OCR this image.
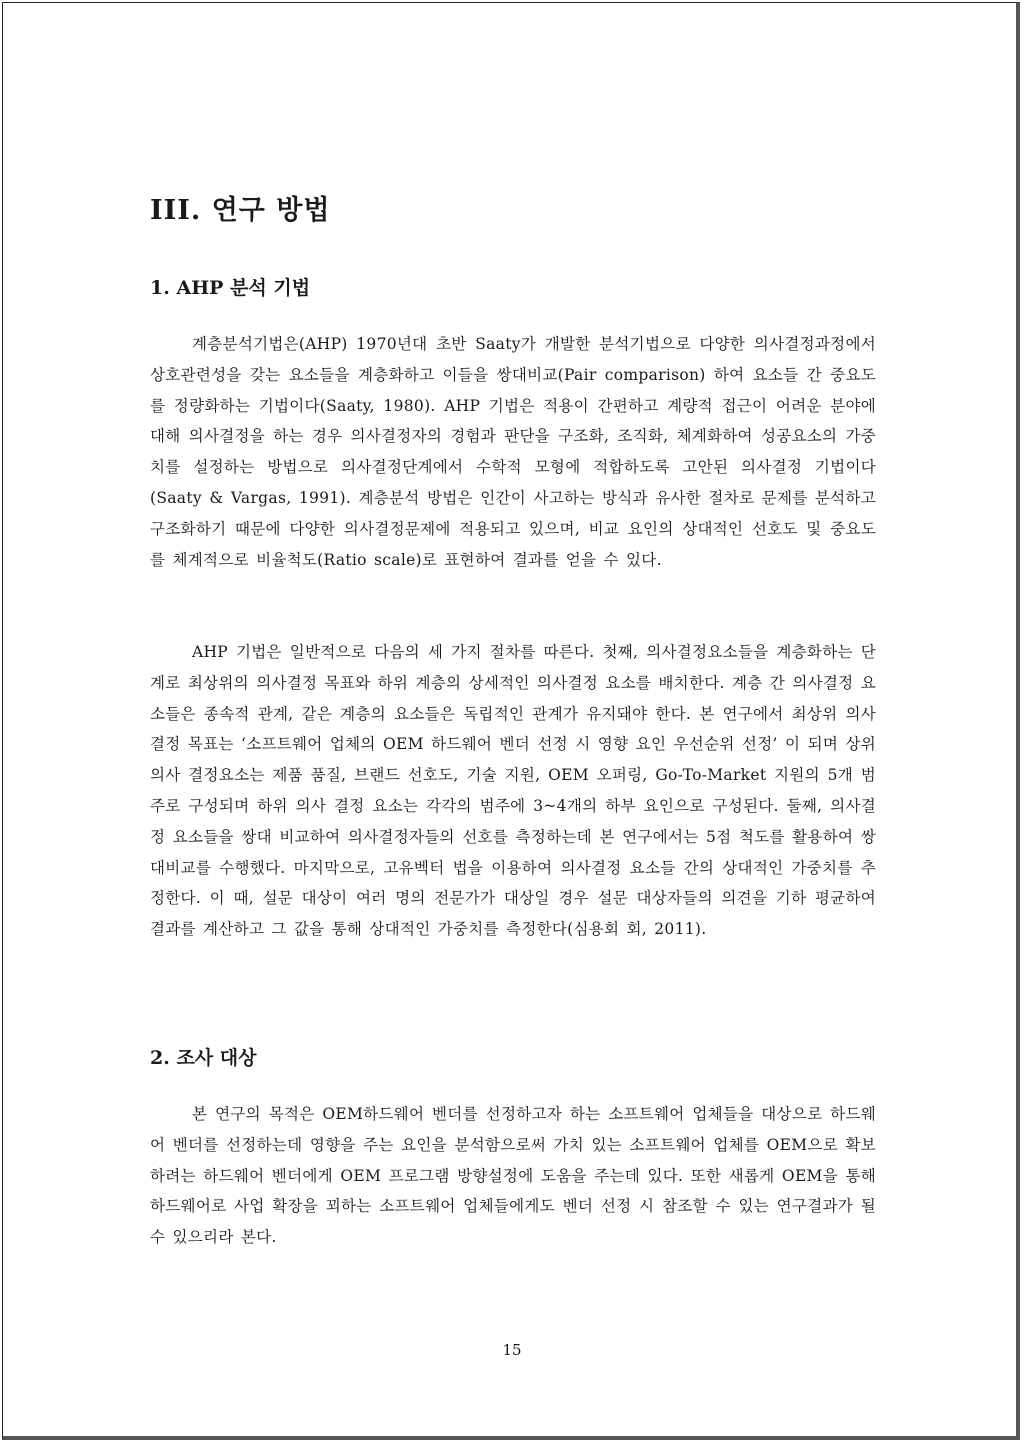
III. 연구 방법
1. AHP 분석 기법

계층분석기법은(AHP) 1970년대 초반 Saaty가 개발한 분석기법으로 다양한 의사결정과정에서 상호관련성을 갖는 요소들을 계층화하고 이들을 쌍대비교(Pair comparison) 하여 요소들 간 중요도를 정량화하는 기법이다(Saaty, 1980). AHP 기법은 적용이 간편하고 계량적 접근이 어려운 분야에 대해 의사결정을 하는 경우 의사결정자의 경험과 판단을 구조화, 조직화, 체계화하여 성공요소의 가중치를 설정하는 방법으로 의사결정단계에서 수학적 모형에 적합하도록 고안된 의사결정 기법이다(Saaty & Vargas, 1991). 계층분석 방법은 인간이 사고하는 방식과 유사한 절차로 문제를 분석하고 구조화하기 때문에 다양한 의사결정문제에 적용되고 있으며, 비교 요인의 상대적인 선호도 및 중요도를 체계적으로 비율척도(Ratio scale)로 표현하여 결과를 얻을 수 있다.

AHP 기법은 일반적으로 다음의 세 가지 절차를 따른다. 첫째, 의사결정요소들을 계층화하는 단계로 최상위의 의사결정 목표와 하위 계층의 상세적인 의사결정 요소를 배치한다. 계층 간 의사결정 요소들은 종속적 관계, 같은 계층의 요소들은 독립적인 관계가 유지돼야 한다. 본 연구에서 최상위 의사결정 목표는 ‘소프트웨어 업체의 OEM 하드웨어 벤더 선정 시 영향 요인 우선순위 선정’ 이 되며 상위 의사 결정요소는 제품 품질, 브랜드 선호도, 기술 지원, OEM 오퍼링, Go-To-Market 지원의 5개 범주로 구성되며 하위 의사 결정 요소는 각각의 범주에 3~4개의 하부 요인으로 구성된다. 둘째, 의사결정 요소들을 쌍대 비교하여 의사결정자들의 선호를 측정하는데 본 연구에서는 5점 척도를 활용하여 쌍대비교를 수행했다. 마지막으로, 고유벡터 법을 이용하여 의사결정 요소들 간의 상대적인 가중치를 추정한다. 이 때, 설문 대상이 여러 명의 전문가가 대상일 경우 설문 대상자들의 의견을 기하 평균하여 결과를 계산하고 그 값을 통해 상대적인 가중치를 측정한다(심용회 회, 2011).

2. 조사 대상

본 연구의 목적은 OEM하드웨어 벤더를 선정하고자 하는 소프트웨어 업체들을 대상으로 하드웨어 벤더를 선정하는데 영향을 주는 요인을 분석함으로써 가치 있는 소프트웨어 업체를 OEM으로 확보하려는 하드웨어 벤더에게 OEM 프로그램 방향설정에 도움을 주는데 있다. 또한 새롭게 OEM을 통해 하드웨어로 사업 확장을 꾀하는 소프트웨어 업체들에게도 벤더 선정 시 참조할 수 있는 연구결과가 될 수 있으리라 본다.

15
